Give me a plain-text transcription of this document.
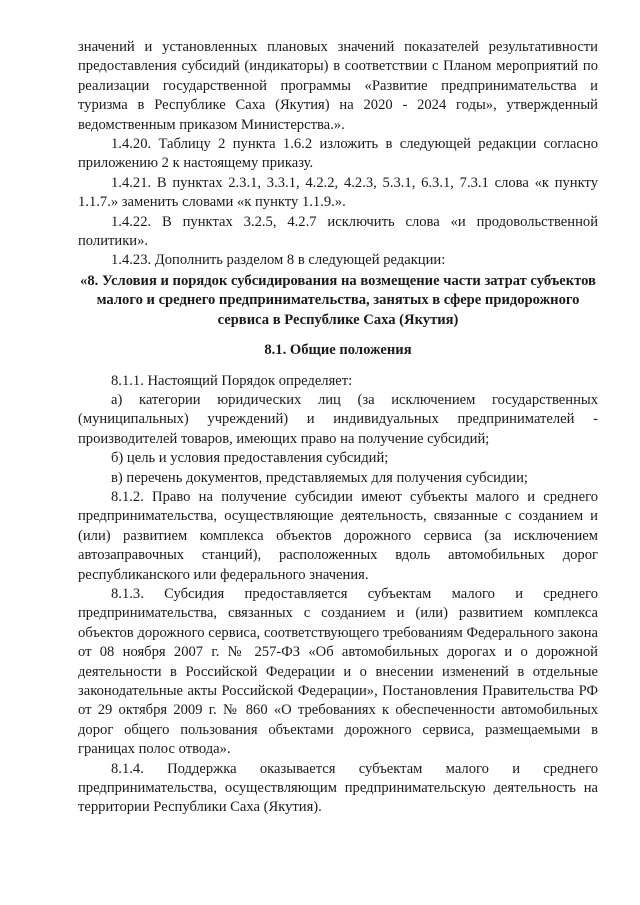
значений и установленных плановых значений показателей результативности предоставления субсидий (индикаторы) в соответствии с Планом мероприятий по реализации государственной программы «Развитие предпринимательства и туризма в Республике Саха (Якутия) на 2020 - 2024 годы», утвержденный ведомственным приказом Министерства.».

1.4.20. Таблицу 2 пункта 1.6.2 изложить в следующей редакции согласно приложению 2 к настоящему приказу.

1.4.21. В пунктах 2.3.1, 3.3.1, 4.2.2, 4.2.3, 5.3.1, 6.3.1, 7.3.1 слова «к пункту 1.1.7.» заменить словами «к пункту 1.1.9.».

1.4.22. В пунктах 3.2.5, 4.2.7 исключить слова «и продовольственной политики».

1.4.23. Дополнить разделом 8 в следующей редакции:

«8. Условия и порядок субсидирования на возмещение части затрат субъектов малого и среднего предпринимательства, занятых в сфере придорожного сервиса в Республике Саха (Якутия)

8.1. Общие положения

8.1.1. Настоящий Порядок определяет:

а) категории юридических лиц (за исключением государственных (муниципальных) учреждений) и индивидуальных предпринимателей - производителей товаров, имеющих право на получение субсидий;

б) цель и условия предоставления субсидий;

в) перечень документов, представляемых для получения субсидии;

8.1.2. Право на получение субсидии имеют субъекты малого и среднего предпринимательства, осуществляющие деятельность, связанные с созданием и (или) развитием комплекса объектов дорожного сервиса (за исключением автозаправочных станций), расположенных вдоль автомобильных дорог республиканского или федерального значения.

8.1.3. Субсидия предоставляется субъектам малого и среднего предпринимательства, связанных с созданием и (или) развитием комплекса объектов дорожного сервиса, соответствующего требованиям Федерального закона от 08 ноября 2007 г. № 257-ФЗ «Об автомобильных дорогах и о дорожной деятельности в Российской Федерации и о внесении изменений в отдельные законодательные акты Российской Федерации», Постановления Правительства РФ от 29 октября 2009 г. № 860 «О требованиях к обеспеченности автомобильных дорог общего пользования объектами дорожного сервиса, размещаемыми в границах полос отвода».

8.1.4. Поддержка оказывается субъектам малого и среднего предпринимательства, осуществляющим предпринимательскую деятельность на территории Республики Саха (Якутия).
